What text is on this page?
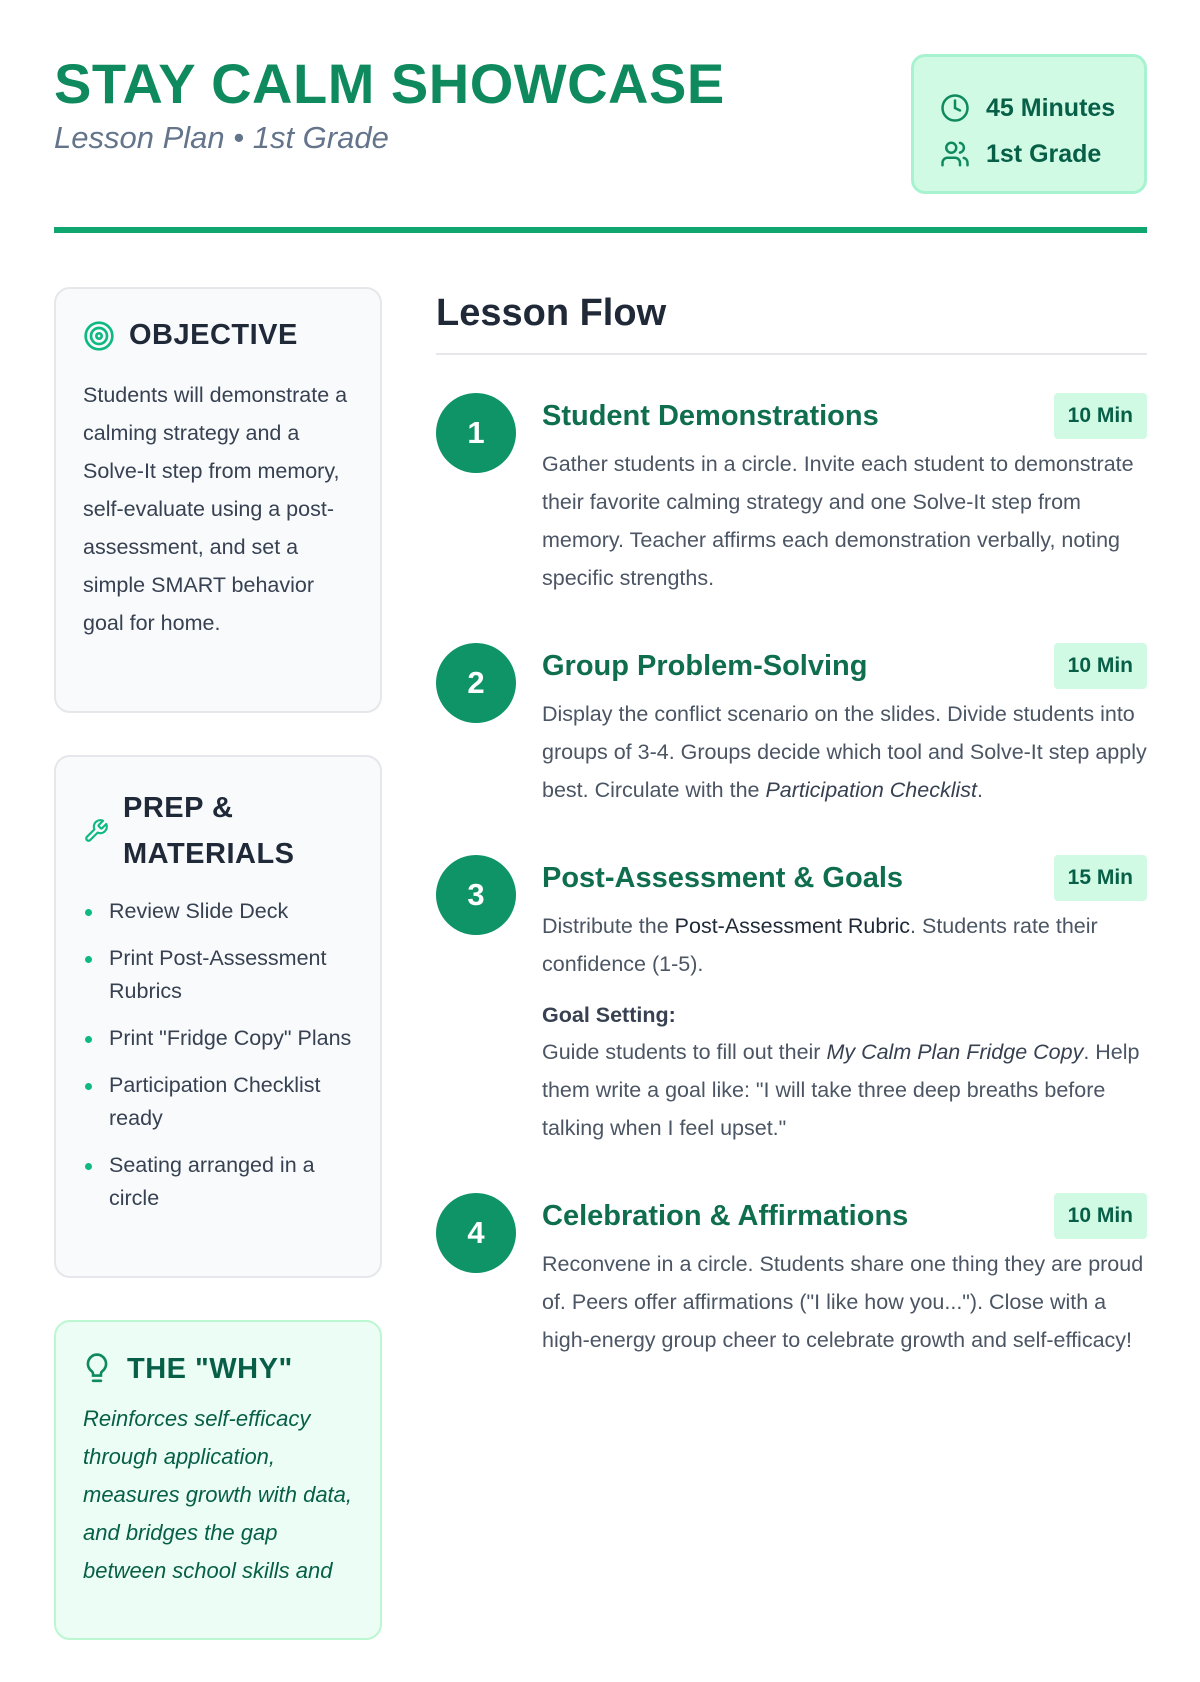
STAY CALM SHOWCASE
Lesson Plan • 1st Grade
45 Minutes
1st Grade
OBJECTIVE
Students will demonstrate a calming strategy and a Solve-It step from memory, self-evaluate using a post-assessment, and set a simple SMART behavior goal for home.
PREP &
MATERIALS
Review Slide Deck
Print Post-Assessment Rubrics
Print "Fridge Copy" Plans
Participation Checklist ready
Seating arranged in a circle
THE "WHY"
Reinforces self-efficacy through application, measures growth with data, and bridges the gap between school skills and
Lesson Flow
1	Student Demonstrations	10 Min
Gather students in a circle. Invite each student to demonstrate their favorite calming strategy and one Solve-It step from memory. Teacher affirms each demonstration verbally, noting specific strengths.
2	Group Problem-Solving	10 Min
Display the conflict scenario on the slides. Divide students into groups of 3-4. Groups decide which tool and Solve-It step apply best. Circulate with the Participation Checklist.
3	Post-Assessment & Goals	15 Min
Distribute the Post-Assessment Rubric. Students rate their confidence (1-5).
Goal Setting:
Guide students to fill out their My Calm Plan Fridge Copy. Help them write a goal like: "I will take three deep breaths before talking when I feel upset."
4	Celebration & Affirmations	10 Min
Reconvene in a circle. Students share one thing they are proud of. Peers offer affirmations ("I like how you..."). Close with a high-energy group cheer to celebrate growth and self-efficacy!
